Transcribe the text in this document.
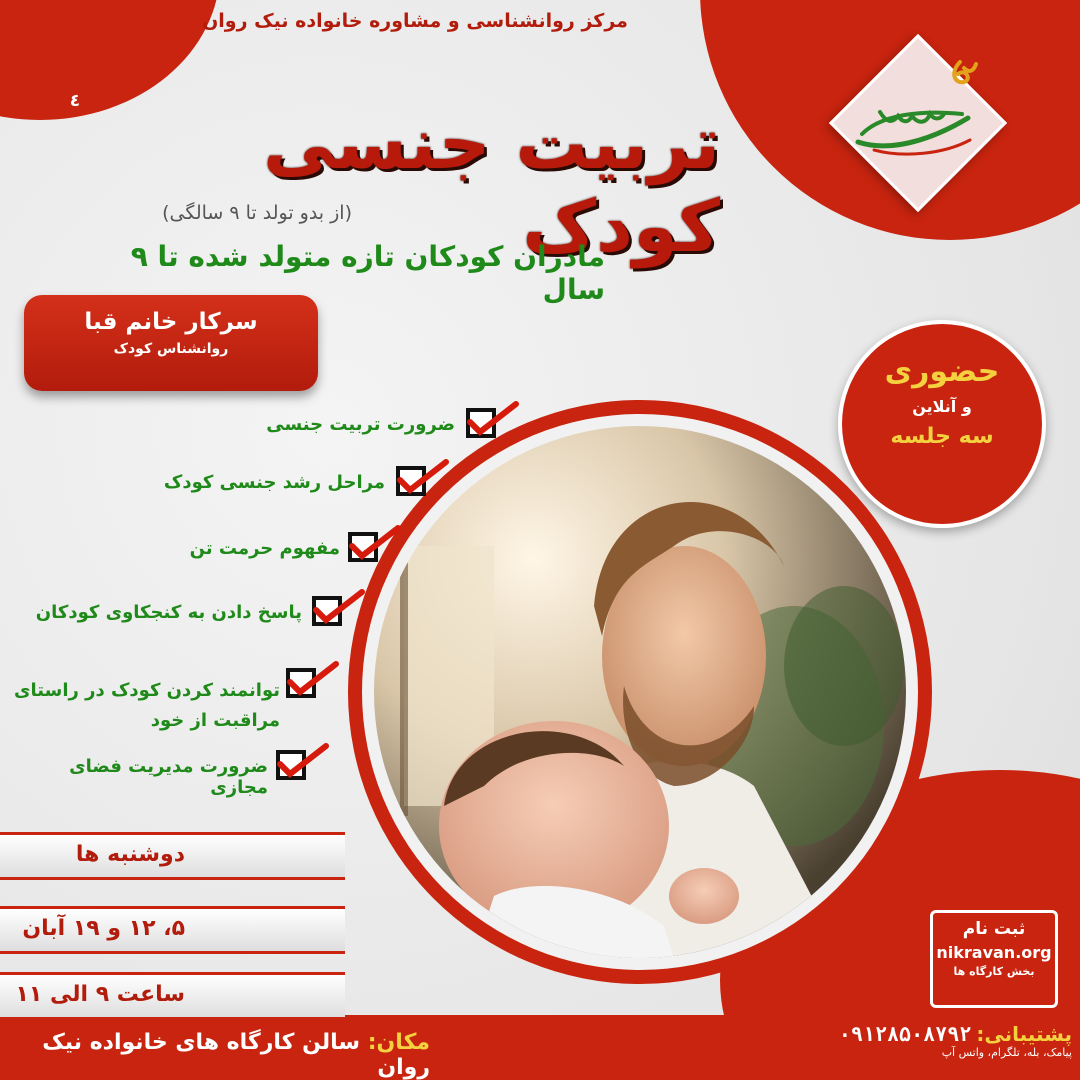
مرکز روانشناسی و مشاوره خانواده نیک روان
٤	تربیت جنسی کودک
(از بدو تولد تا ۹ سالگی)
مادران کودکان تازه متولد شده تا ۹ سال
سرکار خانم قبا
روانشناس کودک
حضوری
و آنلاین
سه جلسه
ضرورت تربیت جنسی
مراحل رشد جنسی کودک
مفهوم حرمت تن
پاسخ دادن به کنجکاوی کودکان
توانمند کردن کودک در راستای مراقبت از خود
ضرورت مدیریت فضای مجازی
دوشنبه ها
۵، ۱۲ و ۱۹ آبان
ساعت ۹ الی ۱۱
ثبت نام
nikravan.org
بخش کارگاه ها
مکان: سالن کارگاه های خانواده نیک روان
پشتیبانی: ۰۹۱۲۸۵۰۸۷۹۲
پیامک، بله، تلگرام، واتس آپ
